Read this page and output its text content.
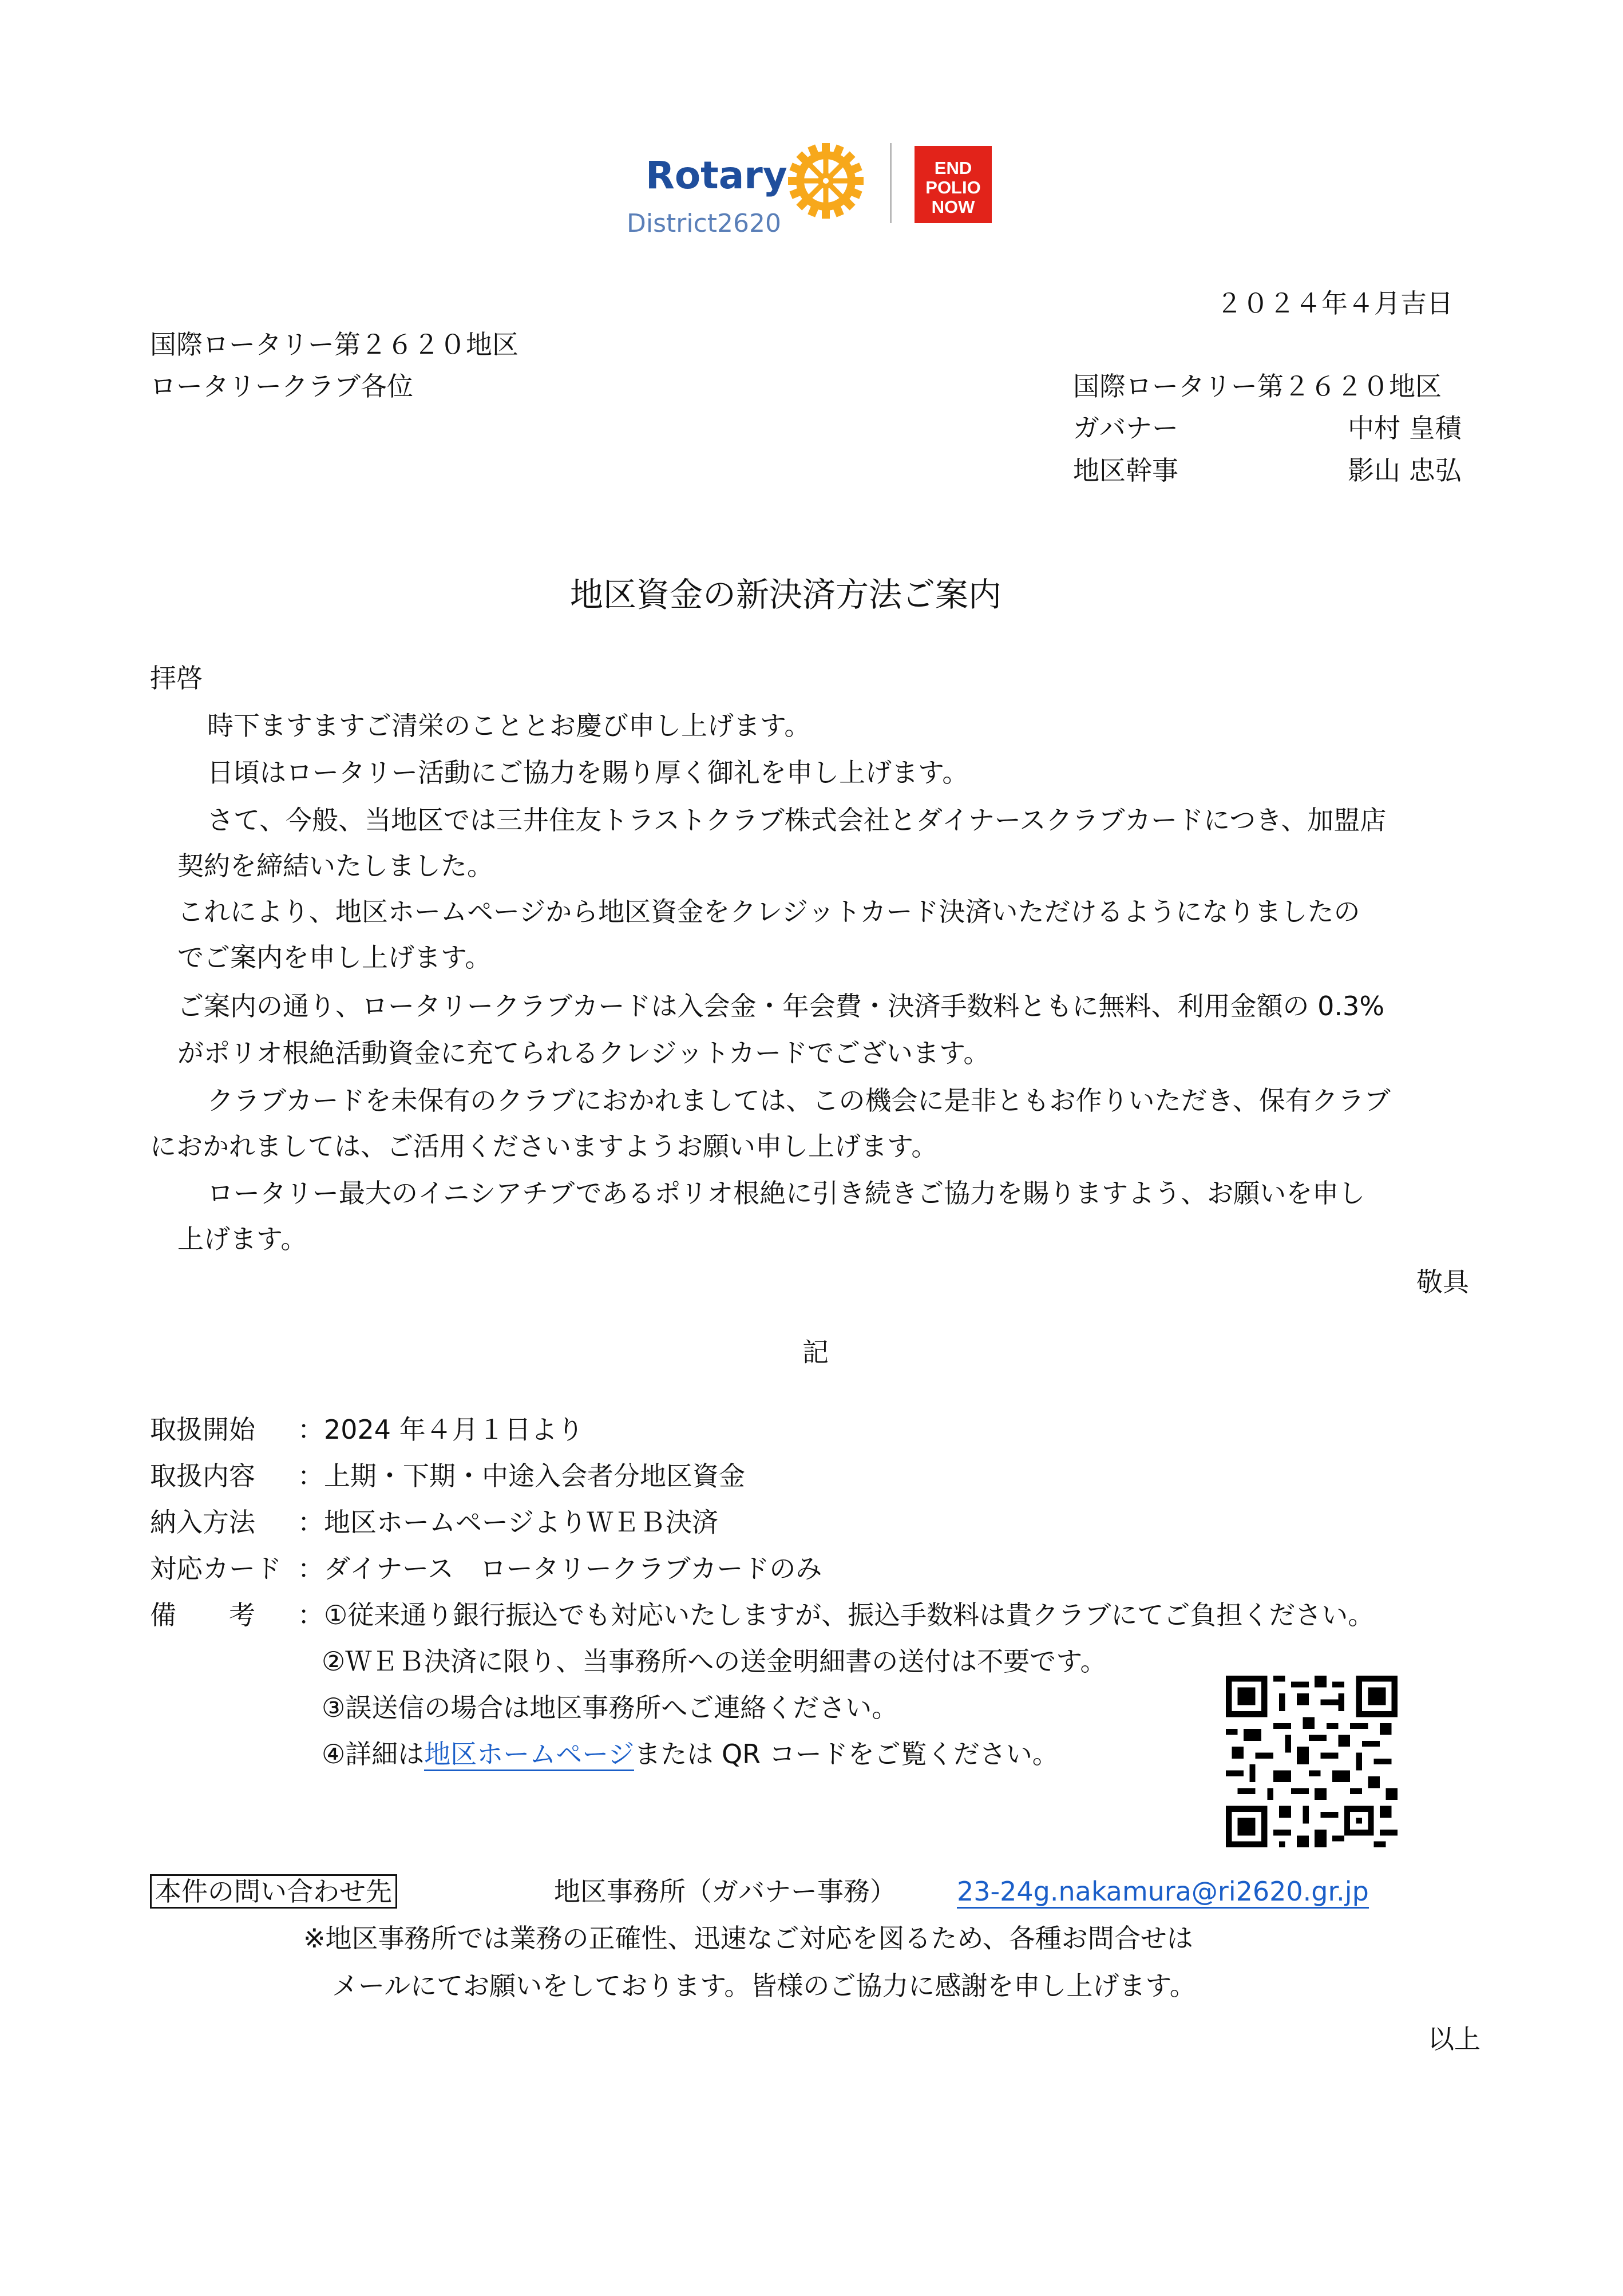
Rotary
District2620
END
POLIO
NOW
２０２４年４月吉日
国際ロータリー第２６２０地区
ロータリークラブ各位	国際ロータリー第２６２０地区
ガバナー	中村 皇積
地区幹事	影山 忠弘
地区資金の新決済方法ご案内
拝啓
時下ますますご清栄のこととお慶び申し上げます。
日頃はロータリー活動にご協力を賜り厚く御礼を申し上げます。
さて、今般、当地区では三井住友トラストクラブ株式会社とダイナースクラブカードにつき、加盟店
契約を締結いたしました。
これにより、地区ホームページから地区資金をクレジットカード決済いただけるようになりましたの
でご案内を申し上げます。
ご案内の通り、ロータリークラブカードは入会金・年会費・決済手数料ともに無料、利用金額の 0.3%
がポリオ根絶活動資金に充てられるクレジットカードでございます。
クラブカードを未保有のクラブにおかれましては、この機会に是非ともお作りいただき、保有クラブ
におかれましては、ご活用くださいますようお願い申し上げます。
ロータリー最大のイニシアチブであるポリオ根絶に引き続きご協力を賜りますよう、お願いを申し
上げます。
敬具
記
取扱開始 ：2024 年４月１日より
取扱内容 ：上期・下期・中途入会者分地区資金
納入方法 ：地区ホームページよりＷＥＢ決済
対応カード ：ダイナース　ロータリークラブカードのみ
備　　考 ：①従来通り銀行振込でも対応いたしますが、振込手数料は貴クラブにてご負担ください。
②ＷＥＢ決済に限り、当事務所への送金明細書の送付は不要です。
③誤送信の場合は地区事務所へご連絡ください。
④詳細は地区ホームページまたは QR コードをご覧ください。
本件の問い合わせ先	地区事務所（ガバナー事務） 23-24g.nakamura@ri2620.gr.jp
※地区事務所では業務の正確性、迅速なご対応を図るため、各種お問合せは
メールにてお願いをしております。皆様のご協力に感謝を申し上げます。
以上
